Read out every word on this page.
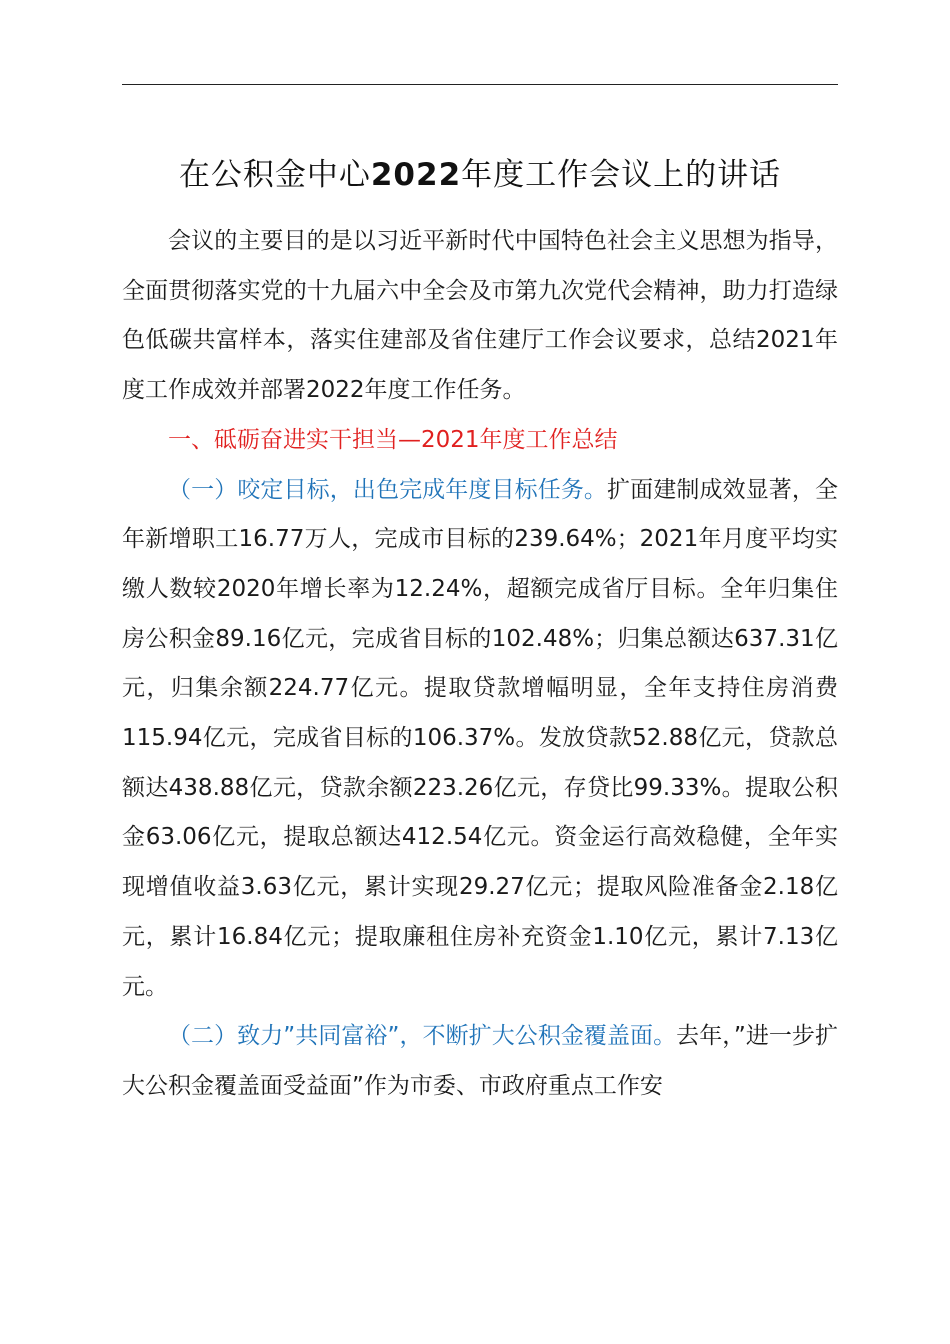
在公积金中心2022年度工作会议上的讲话

会议的主要目的是以习近平新时代中国特色社会主义思想为指导，全面贯彻落实党的十九届六中全会及市第九次党代会精神，助力打造绿色低碳共富样本，落实住建部及省住建厅工作会议要求，总结2021年度工作成效并部署2022年度工作任务。

一、砥砺奋进实干担当—2021年度工作总结

（一）咬定目标，出色完成年度目标任务。扩面建制成效显著，全年新增职工16.77万人，完成市目标的239.64%；2021年月度平均实缴人数较2020年增长率为12.24%，超额完成省厅目标。全年归集住房公积金89.16亿元，完成省目标的102.48%；归集总额达637.31亿元，归集余额224.77亿元。提取贷款增幅明显，全年支持住房消费115.94亿元，完成省目标的106.37%。发放贷款52.88亿元，贷款总额达438.88亿元，贷款余额223.26亿元，存贷比99.33%。提取公积金63.06亿元，提取总额达412.54亿元。资金运行高效稳健，全年实现增值收益3.63亿元，累计实现29.27亿元；提取风险准备金2.18亿元，累计16.84亿元；提取廉租住房补充资金1.10亿元，累计7.13亿元。

（二）致力”共同富裕”，不断扩大公积金覆盖面。去年，”进一步扩大公积金覆盖面受益面”作为市委、市政府重点工作安
